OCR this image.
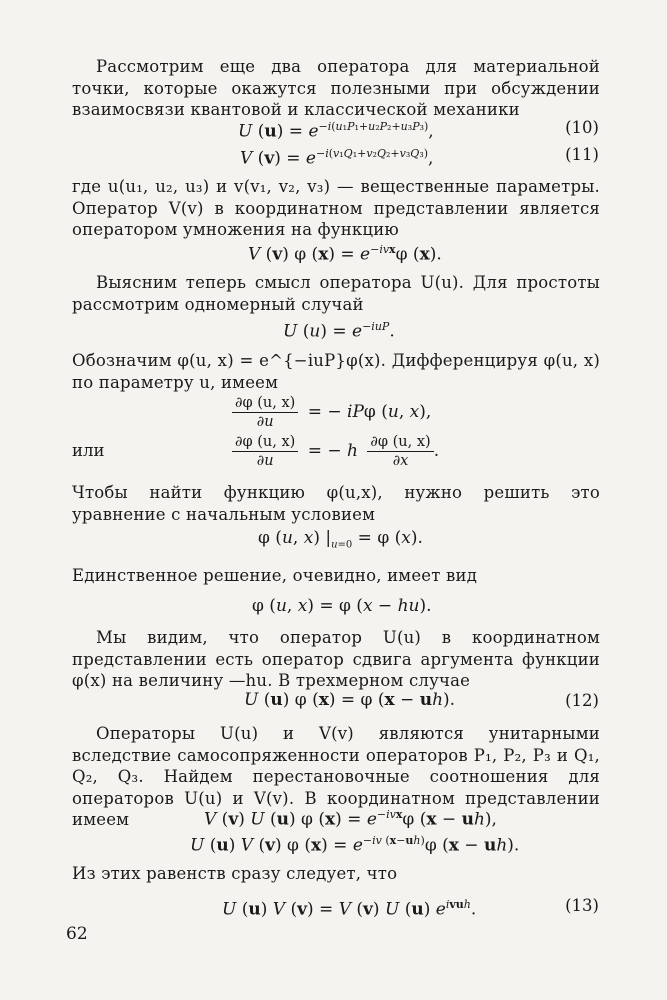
Рассмотрим еще два оператора для материальной точки, которые окажутся полезными при обсуждении взаимосвязи квантовой и классической механики
U $(u) = e^{-i(u_1P_1+u_2P_2+u_3P_3)}$,	(10)
V $(v) = e^{-i(v_1Q_1+v_2Q_2+v_3Q_3)}$,	(11)
где u(u₁, u₂, u₃) и v(v₁, v₂, v₃) — вещественные параметры. Оператор V(v) в координатном представлении является оператором умножения на функцию
V (v) φ $(x) = e^{-ivx}\varphi$ (x).
Выясним теперь смысл оператора U(u). Для простоты рассмотрим одномерный случай
U $(u) = e^{-iuP}$.
Обозначим φ(u, x) = e^{−iuP}φ(x). Дифференцируя φ(u, x) по параметру u, имеем
$\frac{\partial\varphi (u, x)}{\partial u}$ = − iPφ (u, x),
или	$\frac{\partial\varphi (u, x)}{\partial u}$ = − h $\frac{\partial\varphi (u, x)}{\partial x}$ .
Чтобы найти функцию φ(u,x), нужно решить это уравнение с начальным условием
φ (u, x) $|_{u=0} = \varphi$ (x).
Единственное решение, очевидно, имеет вид
φ (u, x) = φ (x − hu).
Мы видим, что оператор U(u) в координатном представлении есть оператор сдвига аргумента функции φ(x) на величину —hu. В трехмерном случае
U (u) φ (x) = φ (x − uh).	(12)
Операторы U(u) и V(v) являются унитарными вследствие самосопряженности операторов P₁, P₂, P₃ и Q₁, Q₂, Q₃. Найдем перестановочные соотношения для операторов U(u) и V(v). В координатном представлении имеем	V (v) U (u) φ $(x) = e^{-ivx}\varphi$ (x − uh),
U (u) V (v) φ $(x) = e^{-iv (x-uh)}\varphi$ (x − uh).
Из этих равенств сразу следует, что
U (u) V (v) = V (v) U (u) $e^{ivuh}$.	(13)
62
